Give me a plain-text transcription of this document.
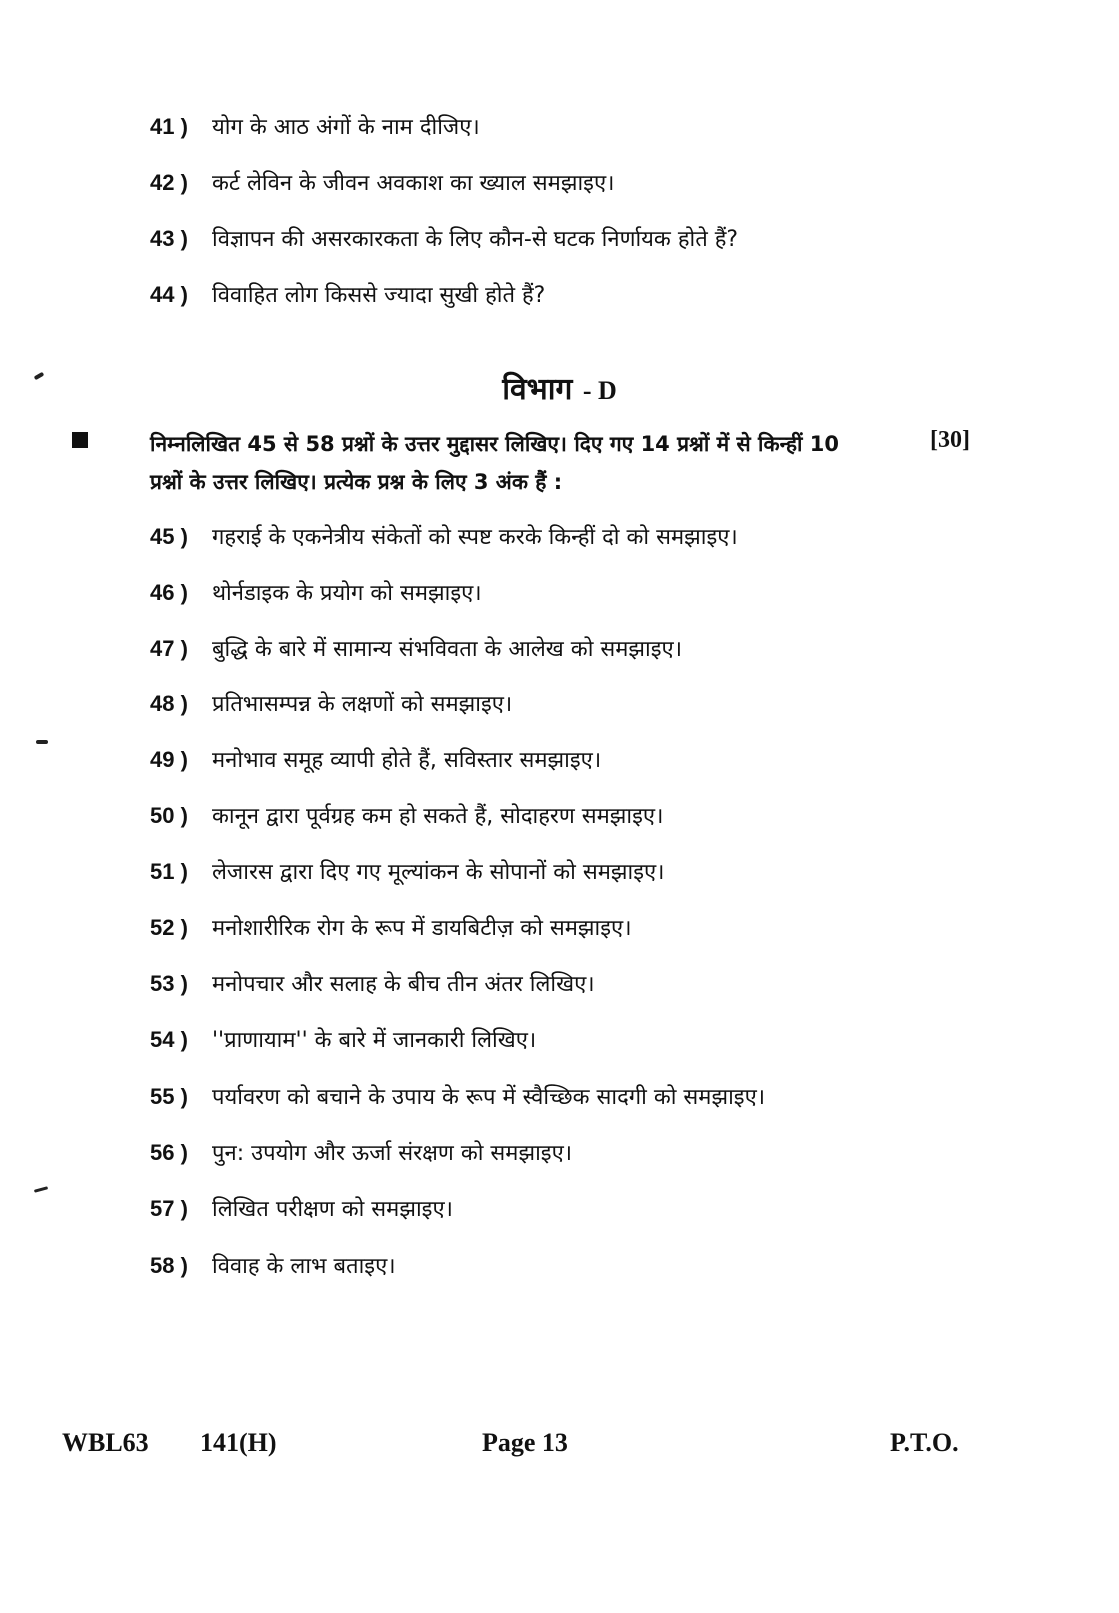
41 ) योग के आठ अंगों के नाम दीजिए।
42 ) कर्ट लेविन के जीवन अवकाश का ख्याल समझाइए।
43 ) विज्ञापन की असरकारकता के लिए कौन-से घटक निर्णायक होते हैं?
44 ) विवाहित लोग किससे ज्यादा सुखी होते हैं?
विभाग - D
निम्नलिखित 45 से 58 प्रश्नों के उत्तर मुद्दासर लिखिए। दिए गए 14 प्रश्नों में से किन्हीं 10 प्रश्नों के उत्तर लिखिए। प्रत्येक प्रश्न के लिए 3 अंक हैं :
[30]
45 ) गहराई के एकनेत्रीय संकेतों को स्पष्ट करके किन्हीं दो को समझाइए।
46 ) थोर्नडाइक के प्रयोग को समझाइए।
47 ) बुद्धि के बारे में सामान्य संभविवता के आलेख को समझाइए।
48 ) प्रतिभासम्पन्न के लक्षणों को समझाइए।
49 ) मनोभाव समूह व्यापी होते हैं, सविस्तार समझाइए।
50 ) कानून द्वारा पूर्वग्रह कम हो सकते हैं, सोदाहरण समझाइए।
51 ) लेजारस द्वारा दिए गए मूल्यांकन के सोपानों को समझाइए।
52 ) मनोशारीरिक रोग के रूप में डायबिटीज़ को समझाइए।
53 ) मनोपचार और सलाह के बीच तीन अंतर लिखिए।
54 ) ''प्राणायाम'' के बारे में जानकारी लिखिए।
55 ) पर्यावरण को बचाने के उपाय के रूप में स्वैच्छिक सादगी को समझाइए।
56 ) पुन: उपयोग और ऊर्जा संरक्षण को समझाइए।
57 ) लिखित परीक्षण को समझाइए।
58 ) विवाह के लाभ बताइए।
WBL63 141(H)	Page 13	P.T.O.
